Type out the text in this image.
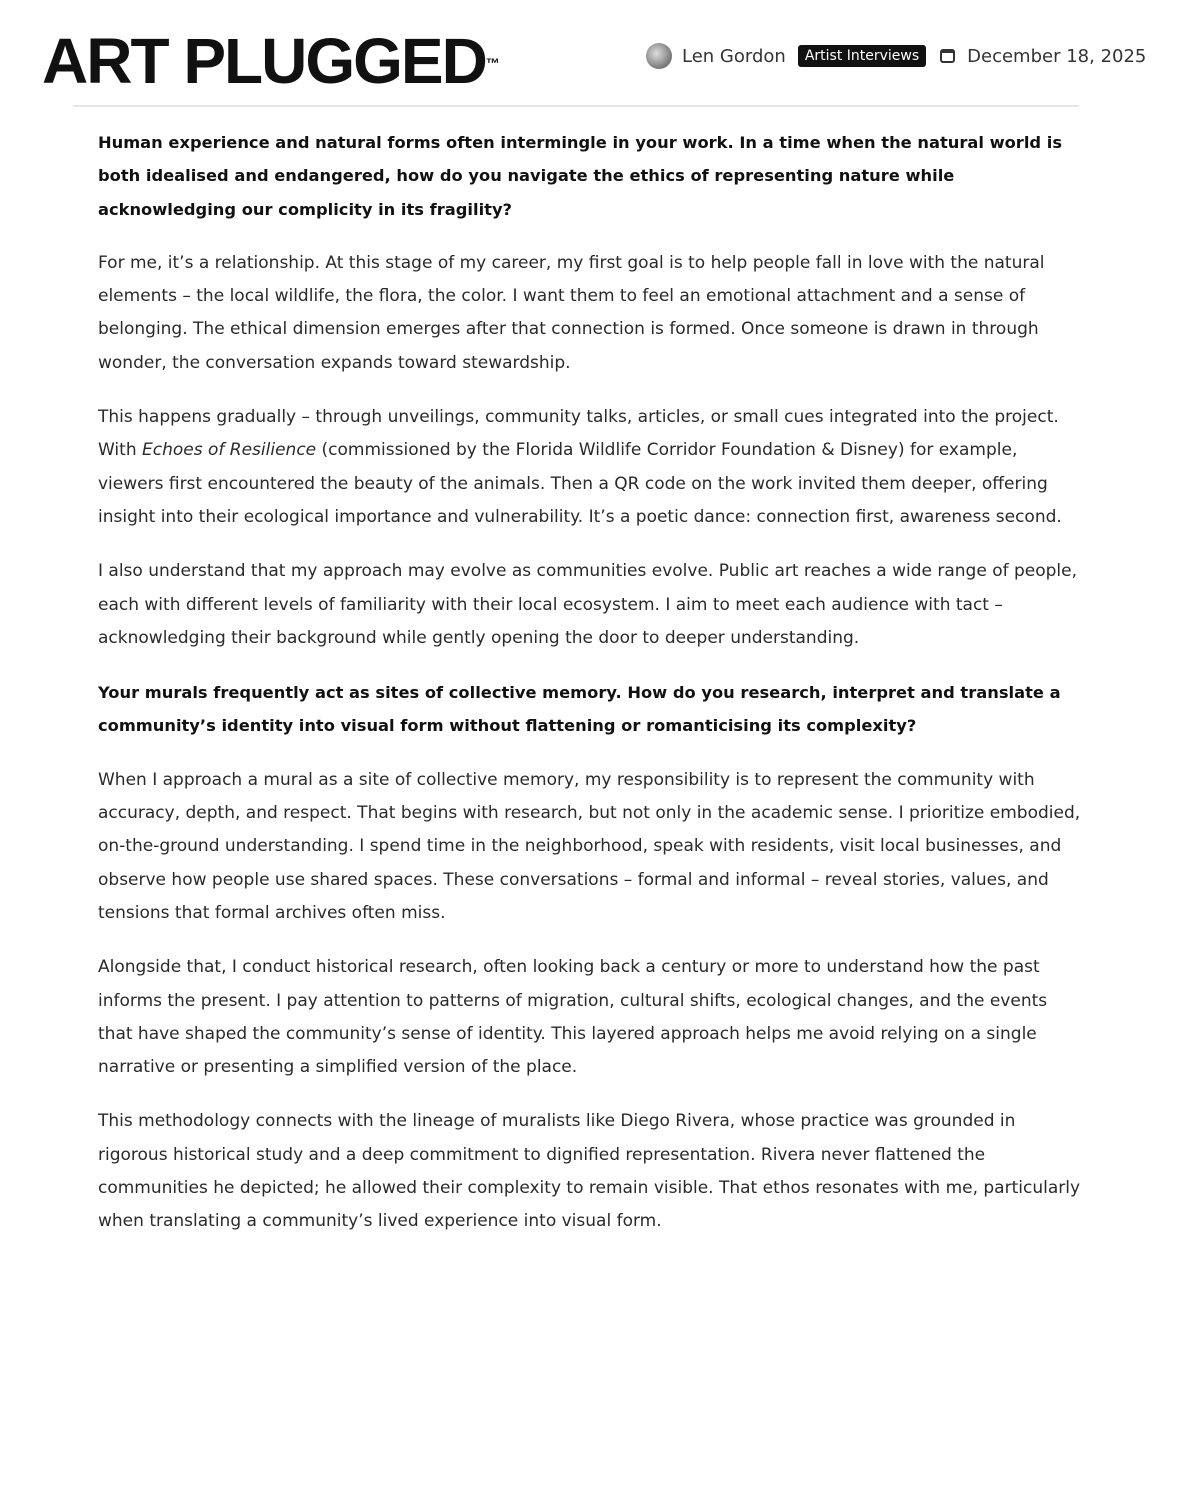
ART PLUGGED™	Len Gordon	Artist Interviews	December 18, 2025

Human experience and natural forms often intermingle in your work. In a time when the natural world is both idealised and endangered, how do you navigate the ethics of representing nature while acknowledging our complicity in its fragility?

For me, it’s a relationship. At this stage of my career, my first goal is to help people fall in love with the natural elements – the local wildlife, the flora, the color. I want them to feel an emotional attachment and a sense of belonging. The ethical dimension emerges after that connection is formed. Once someone is drawn in through wonder, the conversation expands toward stewardship.

This happens gradually – through unveilings, community talks, articles, or small cues integrated into the project. With Echoes of Resilience (commissioned by the Florida Wildlife Corridor Foundation & Disney) for example, viewers first encountered the beauty of the animals. Then a QR code on the work invited them deeper, offering insight into their ecological importance and vulnerability. It’s a poetic dance: connection first, awareness second.

I also understand that my approach may evolve as communities evolve. Public art reaches a wide range of people, each with different levels of familiarity with their local ecosystem. I aim to meet each audience with tact – acknowledging their background while gently opening the door to deeper understanding.

Your murals frequently act as sites of collective memory. How do you research, interpret and translate a community’s identity into visual form without flattening or romanticising its complexity?

When I approach a mural as a site of collective memory, my responsibility is to represent the community with accuracy, depth, and respect. That begins with research, but not only in the academic sense. I prioritize embodied, on-the-ground understanding. I spend time in the neighborhood, speak with residents, visit local businesses, and observe how people use shared spaces. These conversations – formal and informal – reveal stories, values, and tensions that formal archives often miss.

Alongside that, I conduct historical research, often looking back a century or more to understand how the past informs the present. I pay attention to patterns of migration, cultural shifts, ecological changes, and the events that have shaped the community’s sense of identity. This layered approach helps me avoid relying on a single narrative or presenting a simplified version of the place.

This methodology connects with the lineage of muralists like Diego Rivera, whose practice was grounded in rigorous historical study and a deep commitment to dignified representation. Rivera never flattened the communities he depicted; he allowed their complexity to remain visible. That ethos resonates with me, particularly when translating a community’s lived experience into visual form.
